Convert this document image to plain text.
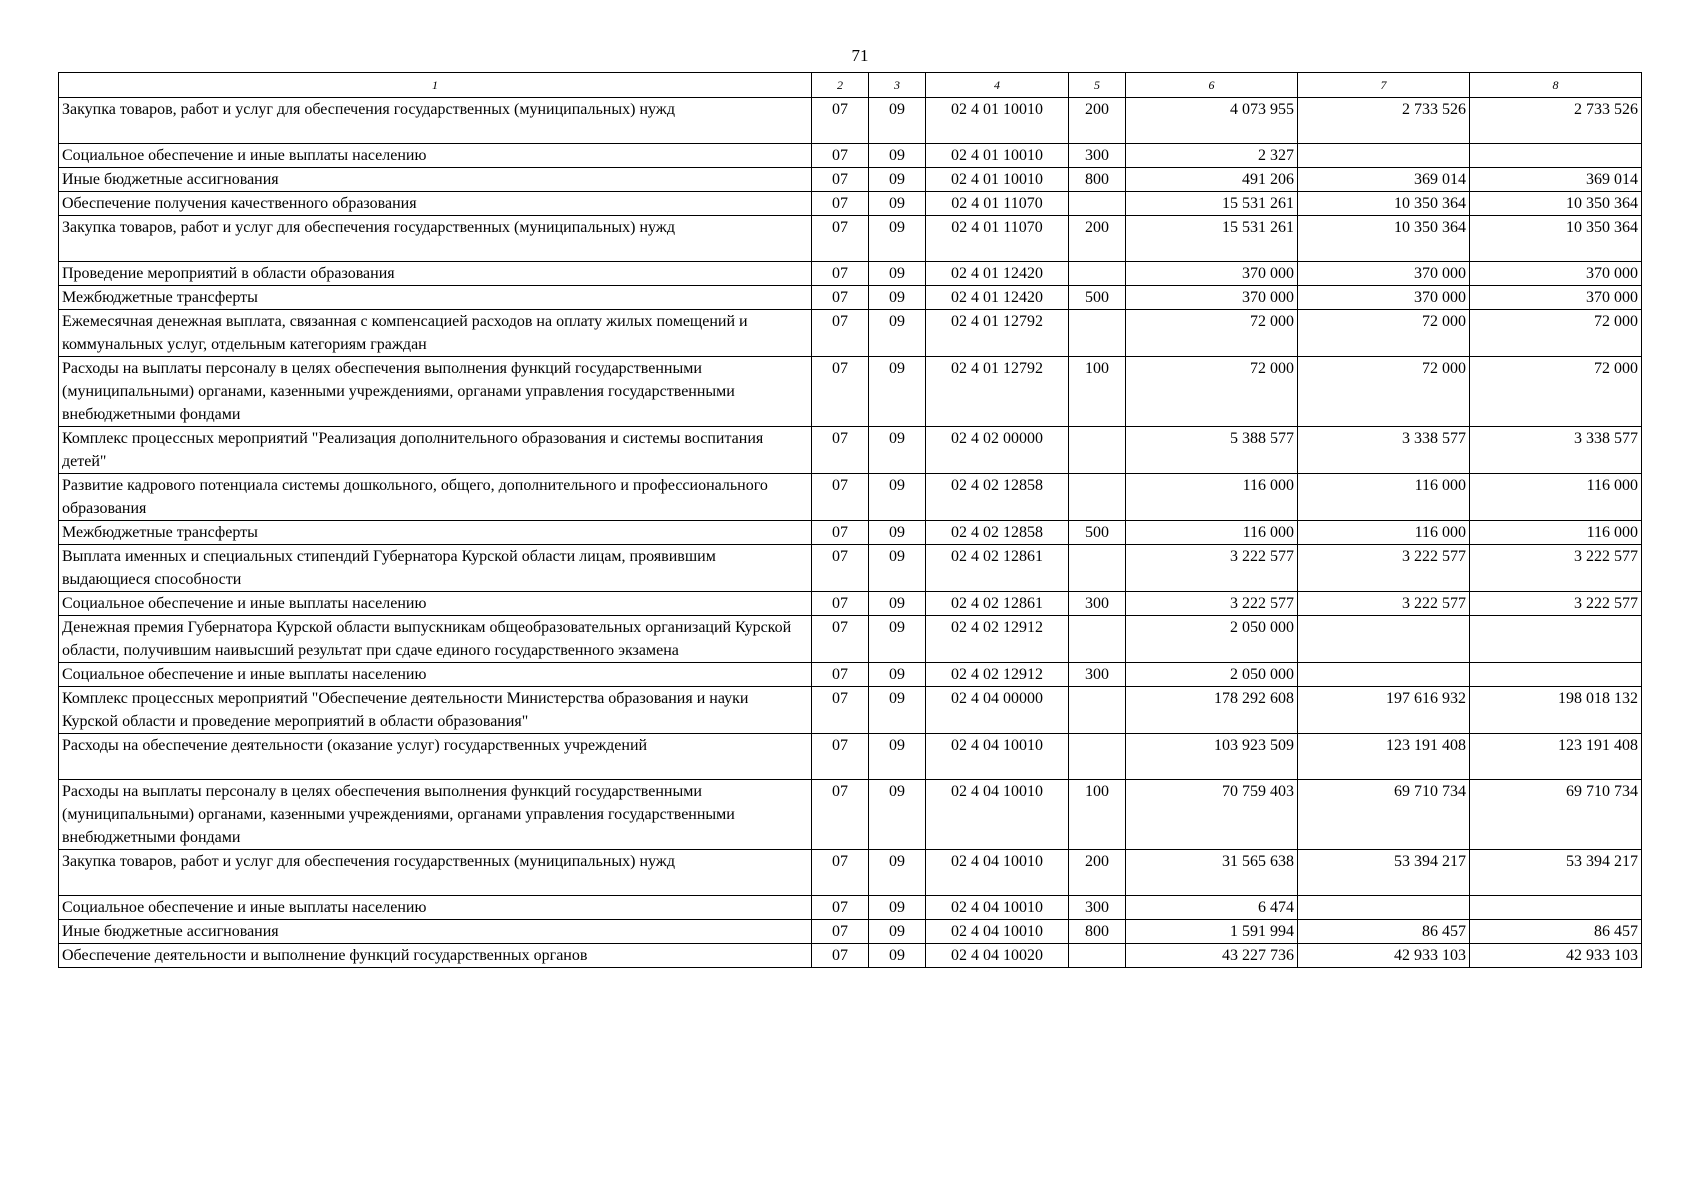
71
1	2	3	4	5	6	7	8
Закупка товаров, работ и услуг для обеспечения государственных (муниципальных) нужд	07	09	02 4 01 10010	200	4 073 955	2 733 526	2 733 526
Социальное обеспечение и иные выплаты населению	07	09	02 4 01 10010	300	2 327		
Иные бюджетные ассигнования	07	09	02 4 01 10010	800	491 206	369 014	369 014
Обеспечение получения качественного образования	07	09	02 4 01 11070		15 531 261	10 350 364	10 350 364
Закупка товаров, работ и услуг для обеспечения государственных (муниципальных) нужд	07	09	02 4 01 11070	200	15 531 261	10 350 364	10 350 364
Проведение мероприятий в области образования	07	09	02 4 01 12420		370 000	370 000	370 000
Межбюджетные трансферты	07	09	02 4 01 12420	500	370 000	370 000	370 000
Ежемесячная денежная выплата, связанная с компенсацией расходов на оплату жилых помещений и коммунальных услуг, отдельным категориям граждан	07	09	02 4 01 12792		72 000	72 000	72 000
Расходы на выплаты персоналу в целях обеспечения выполнения функций государственными (муниципальными) органами, казенными учреждениями, органами управления государственными внебюджетными фондами	07	09	02 4 01 12792	100	72 000	72 000	72 000
Комплекс процессных мероприятий "Реализация дополнительного образования и системы воспитания детей"	07	09	02 4 02 00000		5 388 577	3 338 577	3 338 577
Развитие кадрового потенциала системы дошкольного, общего, дополнительного и профессионального образования	07	09	02 4 02 12858		116 000	116 000	116 000
Межбюджетные трансферты	07	09	02 4 02 12858	500	116 000	116 000	116 000
Выплата именных и специальных стипендий Губернатора Курской области лицам, проявившим выдающиеся способности	07	09	02 4 02 12861		3 222 577	3 222 577	3 222 577
Социальное обеспечение и иные выплаты населению	07	09	02 4 02 12861	300	3 222 577	3 222 577	3 222 577
Денежная премия Губернатора Курской области выпускникам общеобразовательных организаций Курской области, получившим наивысший результат при сдаче единого государственного экзамена	07	09	02 4 02 12912		2 050 000		
Социальное обеспечение и иные выплаты населению	07	09	02 4 02 12912	300	2 050 000		
Комплекс процессных мероприятий "Обеспечение деятельности Министерства образования и науки Курской области и проведение мероприятий в области образования"	07	09	02 4 04 00000		178 292 608	197 616 932	198 018 132
Расходы на обеспечение деятельности (оказание услуг) государственных учреждений	07	09	02 4 04 10010		103 923 509	123 191 408	123 191 408
Расходы на выплаты персоналу в целях обеспечения выполнения функций государственными (муниципальными) органами, казенными учреждениями, органами управления государственными внебюджетными фондами	07	09	02 4 04 10010	100	70 759 403	69 710 734	69 710 734
Закупка товаров, работ и услуг для обеспечения государственных (муниципальных) нужд	07	09	02 4 04 10010	200	31 565 638	53 394 217	53 394 217
Социальное обеспечение и иные выплаты населению	07	09	02 4 04 10010	300	6 474		
Иные бюджетные ассигнования	07	09	02 4 04 10010	800	1 591 994	86 457	86 457
Обеспечение деятельности и выполнение функций государственных органов	07	09	02 4 04 10020		43 227 736	42 933 103	42 933 103
